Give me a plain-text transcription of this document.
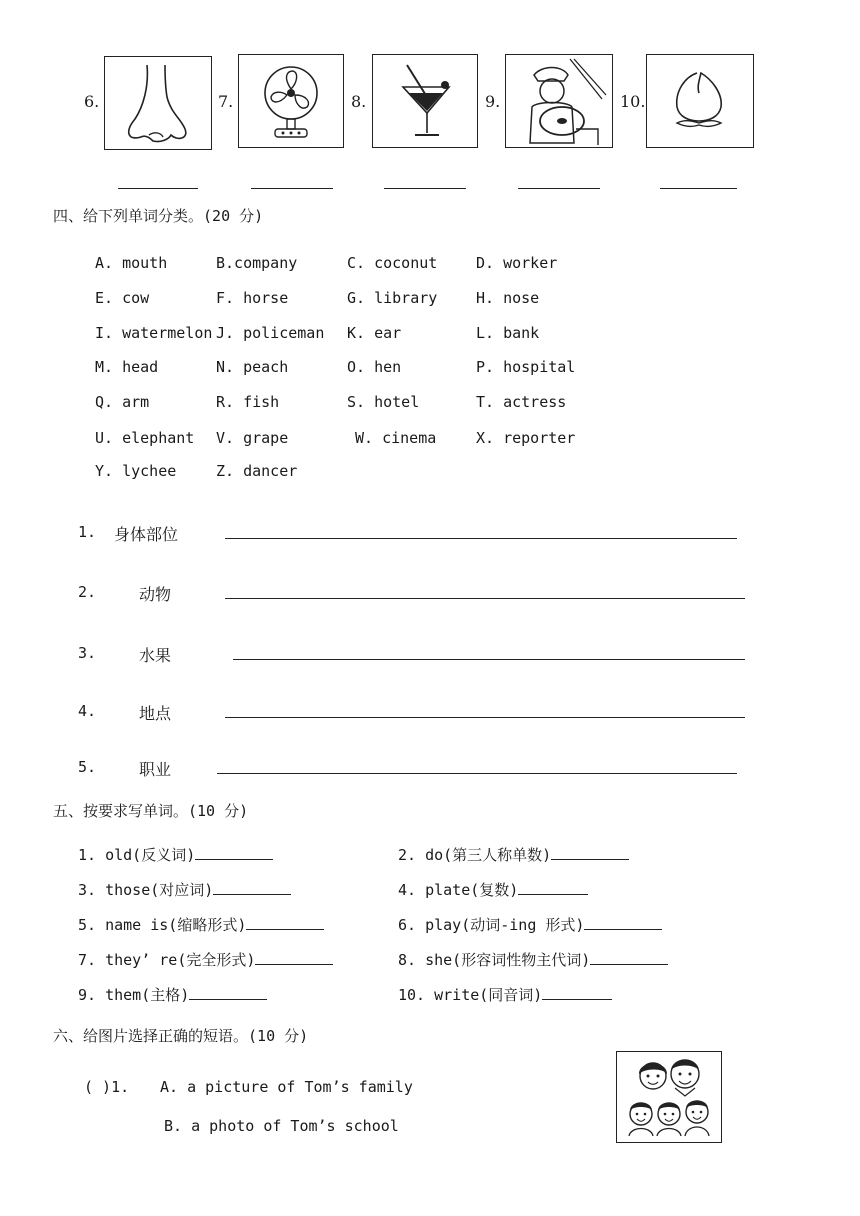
6.	7.	8.	9.	10.
四、给下列单词分类。(20 分)
A. mouth	B.company	C. coconut	D. worker
E. cow	F. horse	G. library	H. nose
I. watermelon J. policeman K. ear	L. bank
M. head	N. peach	O. hen	P. hospital
Q. arm	R. fish	S. hotel	T. actress
U. elephant V. grape	W. cinema	X. reporter
Y. lychee	Z. dancer
1. 身体部位
2.	动物
3.	水果
4.	地点
5.	职业
五、按要求写单词。(10 分)
1. old(反义词)	2. do(第三人称单数)
3. those(对应词)	4. plate(复数)
5. name is(缩略形式)	6. play(动词-ing 形式)
7. they’ re(完全形式)	8. she(形容词性物主代词)
9. them(主格)	10. write(同音词)
六、给图片选择正确的短语。(10 分)
( )1. A. a picture of Tom’s family
B. a photo of Tom’s school
